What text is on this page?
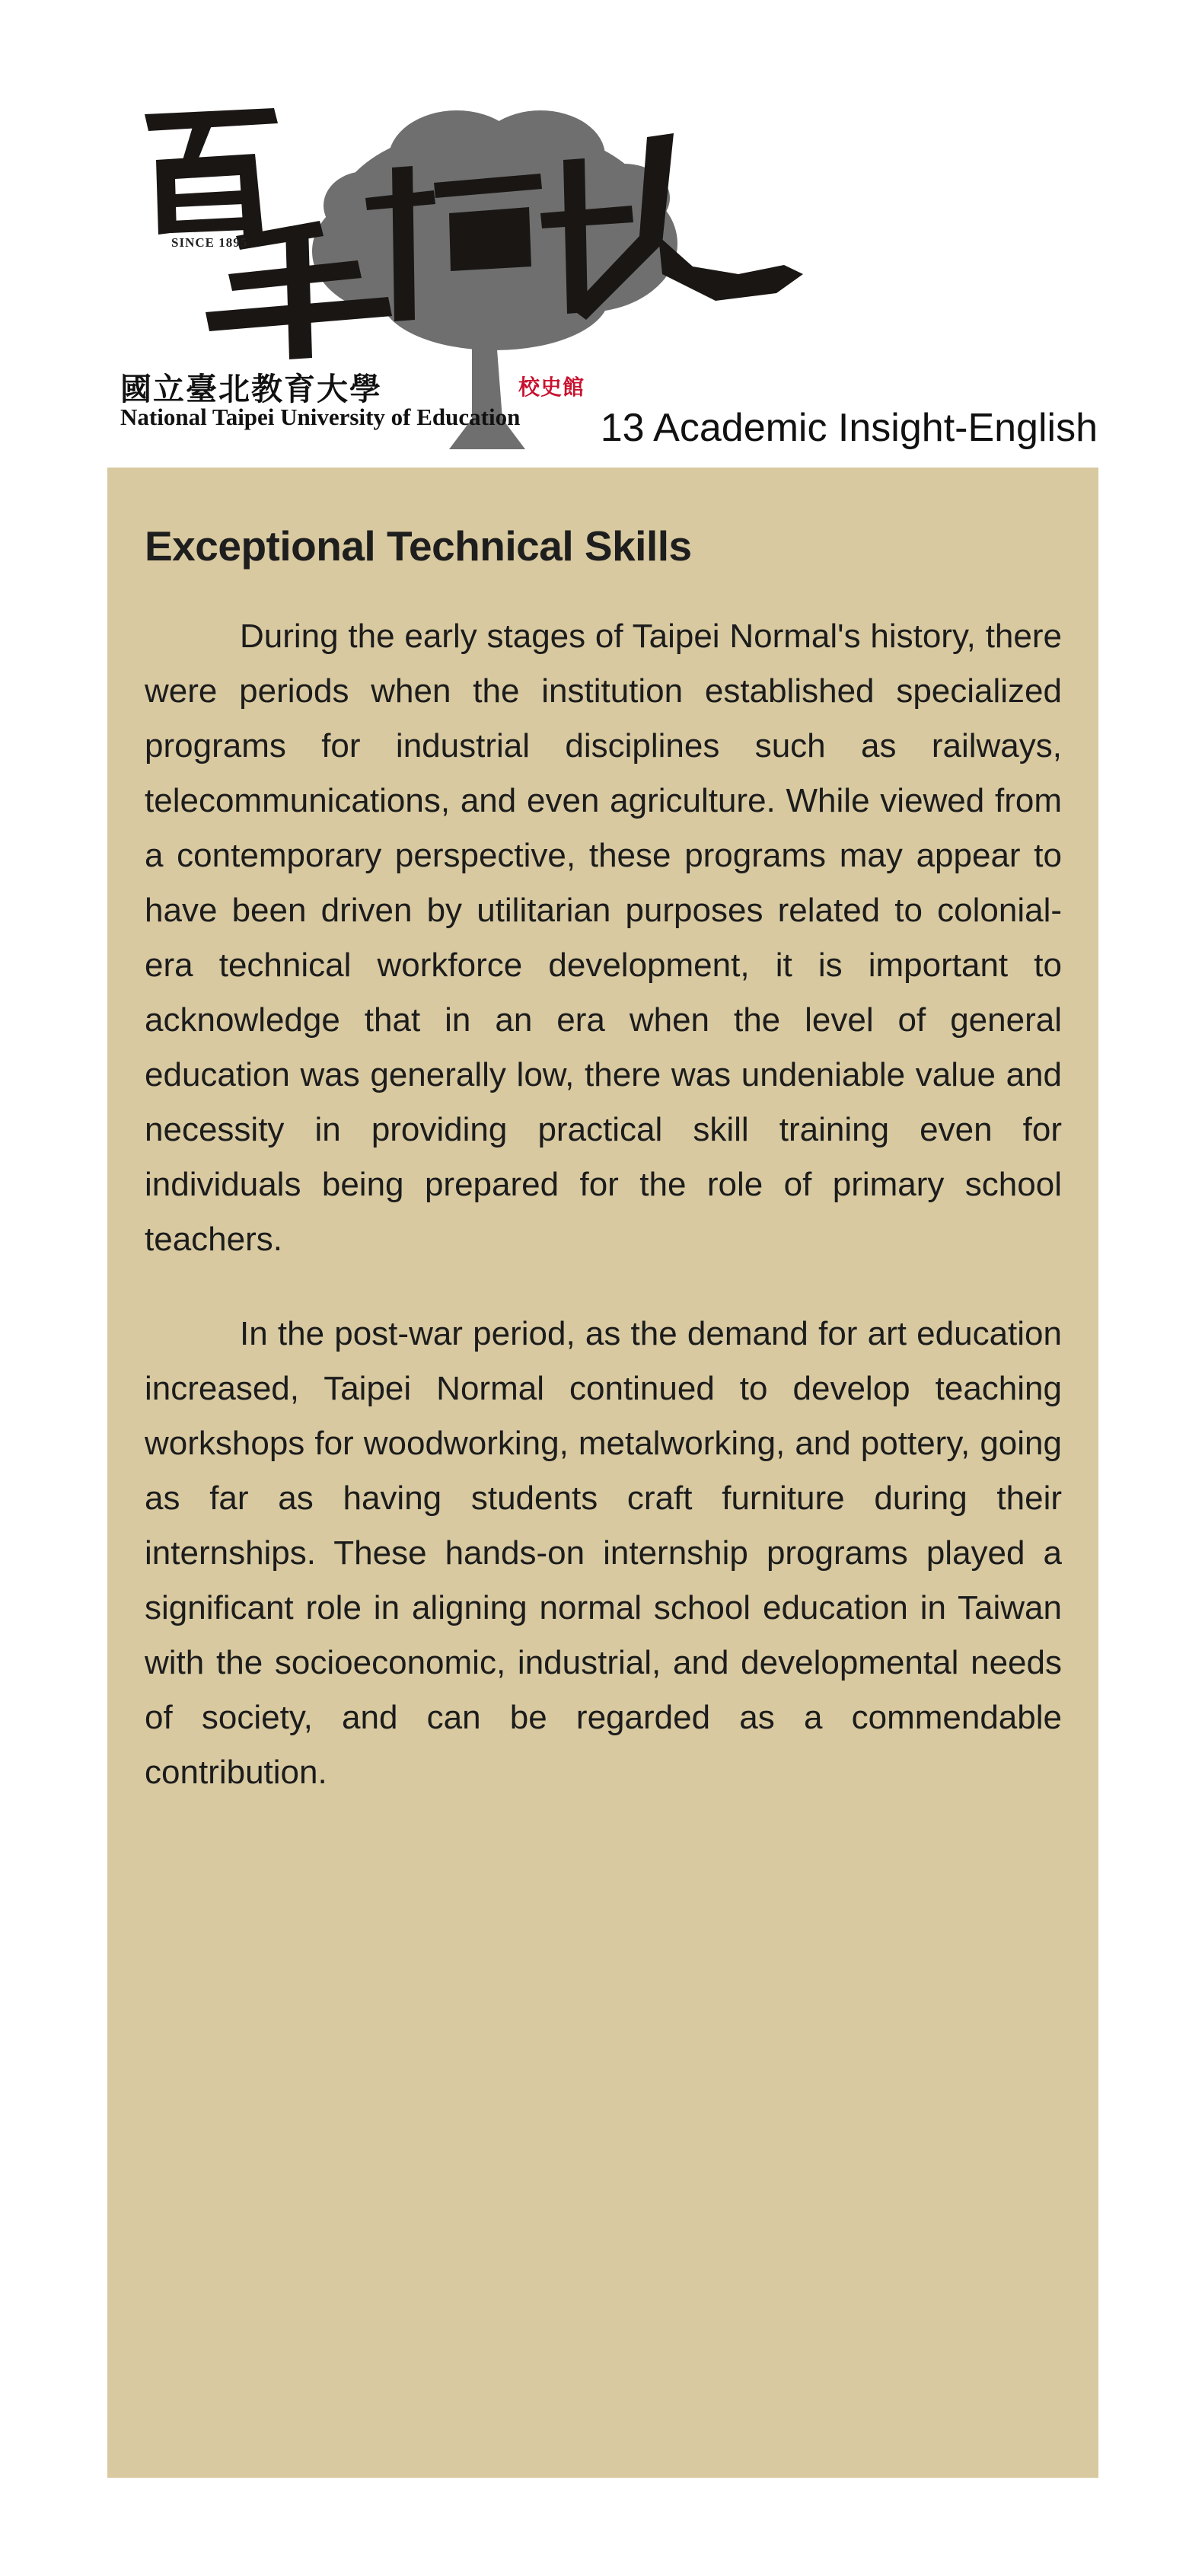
SINCE 1895
國立臺北教育大學
National Taipei University of Education
校史館
13 Academic Insight-English
Exceptional Technical Skills

During the early stages of Taipei Normal's history, there were periods when the institution established specialized programs for industrial disciplines such as railways, telecommunications, and even agriculture. While viewed from a contemporary perspective, these programs may appear to have been driven by utilitarian purposes related to colonial-era technical workforce development, it is important to acknowledge that in an era when the level of general education was generally low, there was undeniable value and necessity in providing practical skill training even for individuals being prepared for the role of primary school teachers.

In the post-war period, as the demand for art education increased, Taipei Normal continued to develop teaching workshops for woodworking, metalworking, and pottery, going as far as having students craft furniture during their internships. These hands-on internship programs played a significant role in aligning normal school education in Taiwan with the socioeconomic, industrial, and developmental needs of society, and can be regarded as a commendable contribution.
